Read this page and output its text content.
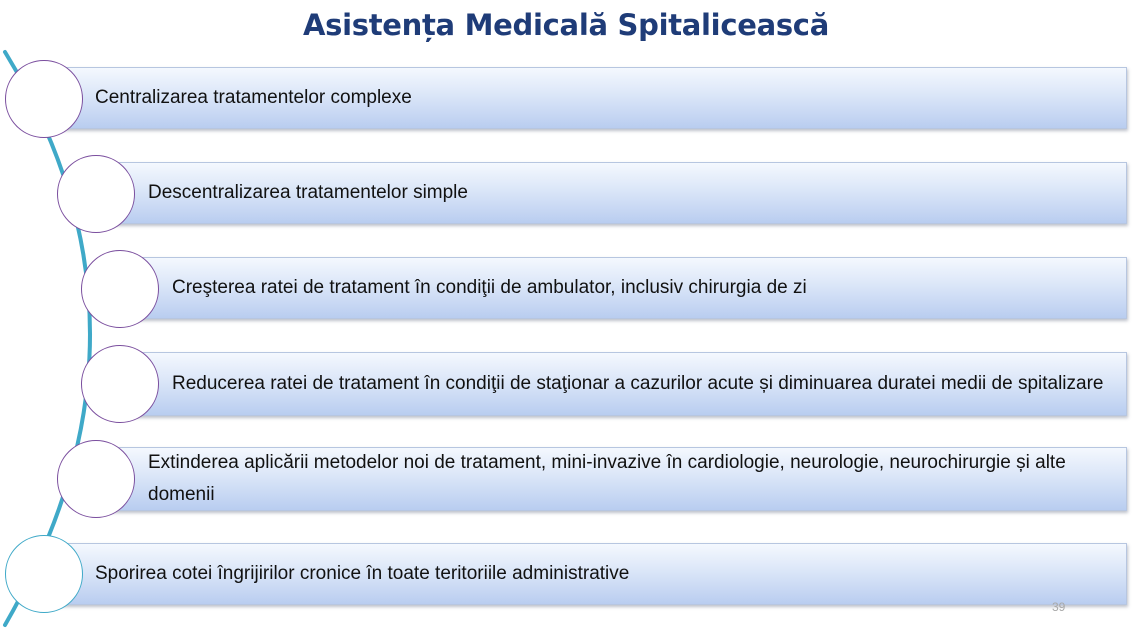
Asistența Medicală Spitalicească
Centralizarea tratamentelor complexe
Descentralizarea tratamentelor simple
Creşterea ratei de tratament în condiţii de ambulator, inclusiv chirurgia de zi
Reducerea ratei de tratament în condiţii de staţionar a cazurilor acute și diminuarea duratei medii de spitalizare
Extinderea aplicării metodelor noi de tratament, mini-invazive în cardiologie, neurologie, neurochirurgie și alte domenii
Sporirea cotei îngrijirilor cronice în toate teritoriile administrative
39
